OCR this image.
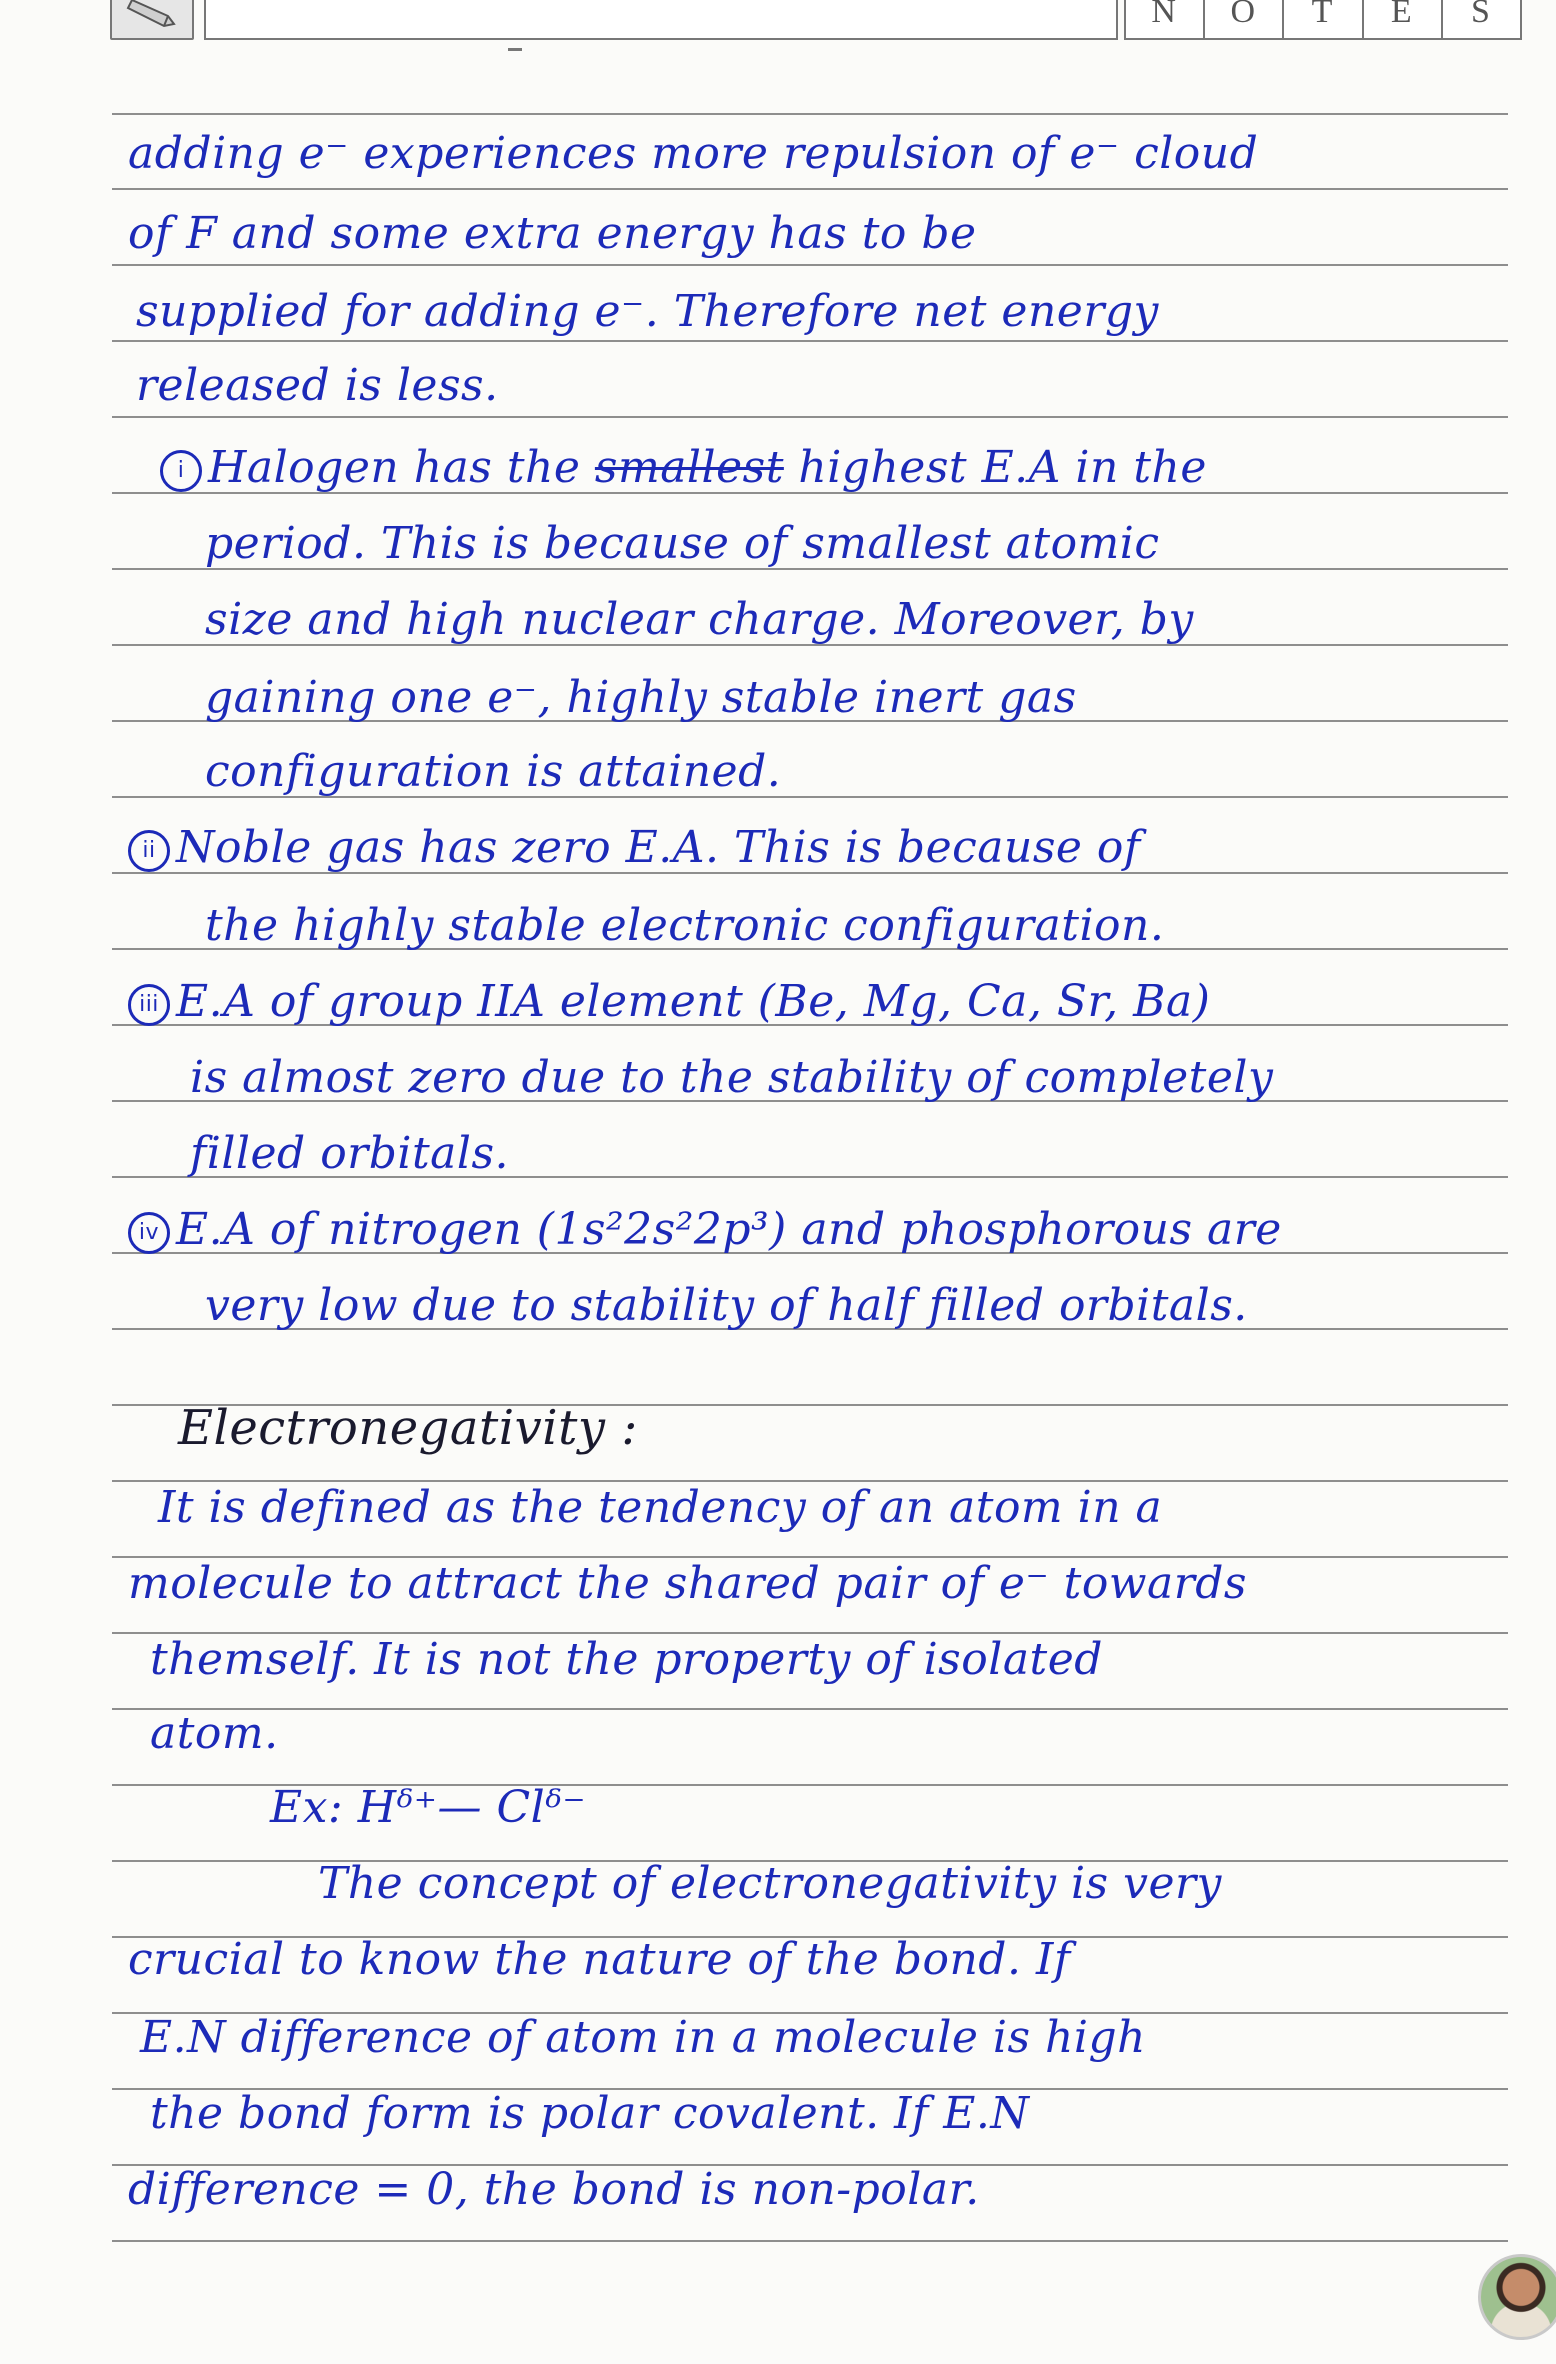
N	O	T	E	S
adding e⁻ experiences more repulsion of e⁻ cloud
of F and some extra energy has to be
supplied for adding e⁻. Therefore net energy
released is less.
i Halogen has the smallest highest E.A in the
period. This is because of smallest atomic
size and high nuclear charge. Moreover, by
gaining one e⁻, highly stable inert gas
configuration is attained.
ii Noble gas has zero E.A. This is because of
the highly stable electronic configuration.
iii E.A of group IIA element (Be, Mg, Ca, Sr, Ba)
is almost zero due to the stability of completely
filled orbitals.
iv E.A of nitrogen (1s²2s²2p³) and phosphorous are
very low due to stability of half filled orbitals.
Electronegativity :
It is defined as the tendency of an atom in a
molecule to attract the shared pair of e⁻ towards
themself. It is not the property of isolated
atom.
Ex: Hᵟ⁺— Clᵟ⁻
The concept of electronegativity is very
crucial to know the nature of the bond. If
E.N difference of atom in a molecule is high
the bond form is polar covalent. If E.N
difference = 0, the bond is non-polar.
